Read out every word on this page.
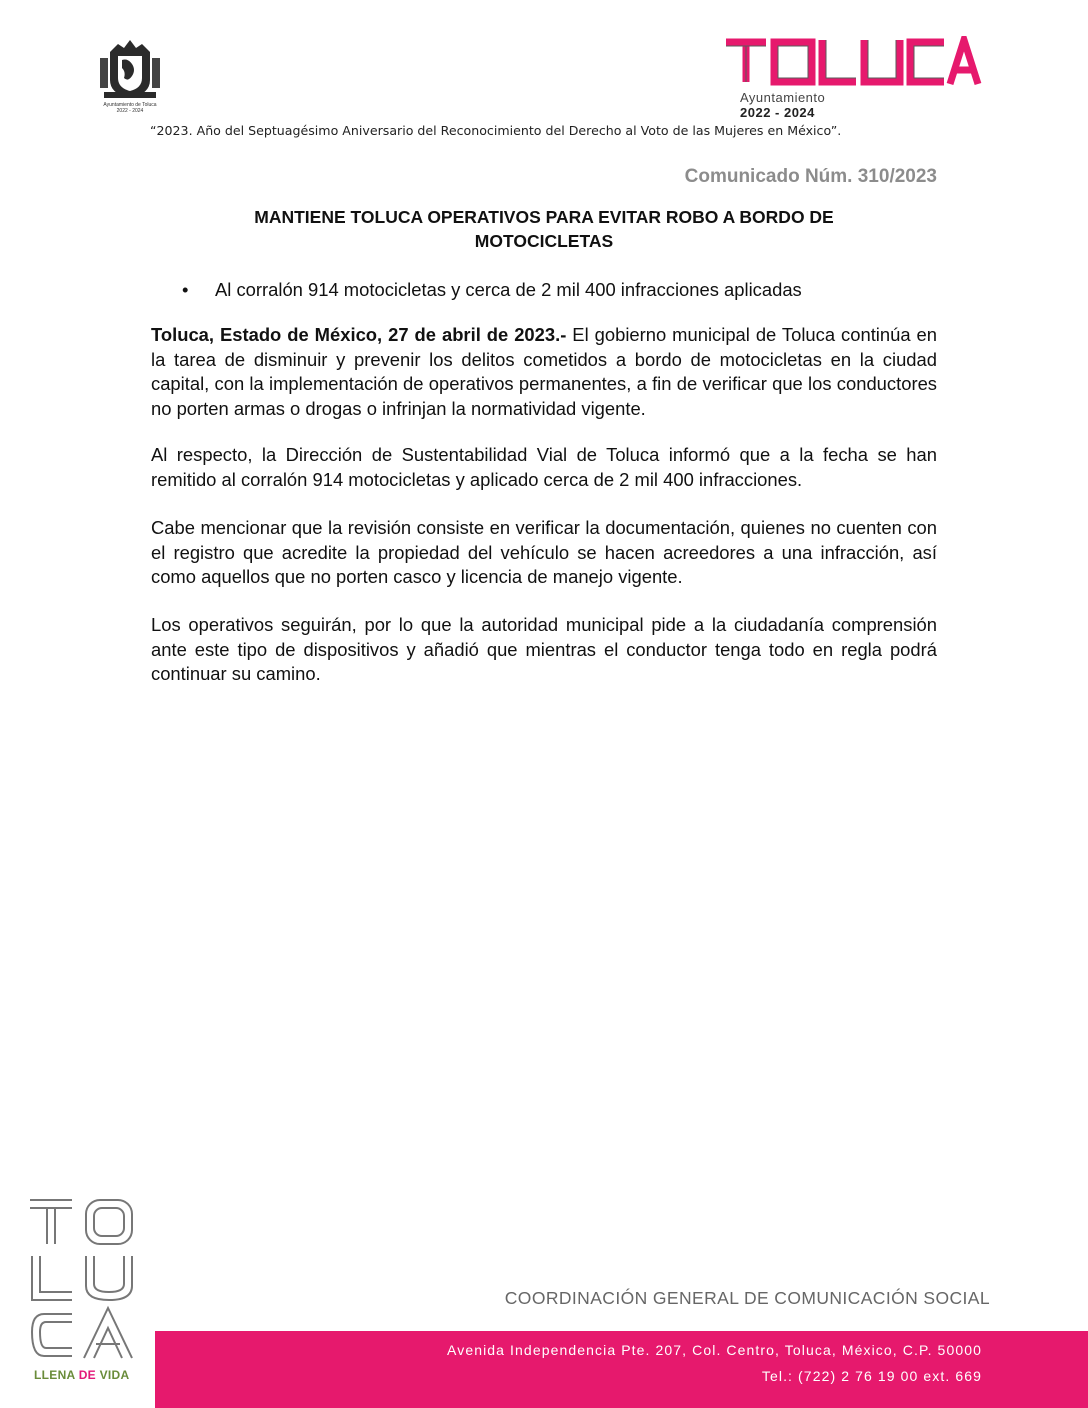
Ayuntamiento de Toluca
2022 - 2024
Ayuntamiento
2022 - 2024
“2023. Año del Septuagésimo Aniversario del Reconocimiento del Derecho al Voto de las Mujeres en México”.
Comunicado Núm. 310/2023
MANTIENE TOLUCA OPERATIVOS PARA EVITAR ROBO A BORDO DE
MOTOCICLETAS
• Al corralón 914 motocicletas y cerca de 2 mil 400 infracciones aplicadas
Toluca, Estado de México, 27 de abril de 2023.- El gobierno municipal de Toluca continúa en la tarea de disminuir y prevenir los delitos cometidos a bordo de motocicletas en la ciudad capital, con la implementación de operativos permanentes, a fin de verificar que los conductores no porten armas o drogas o infrinjan la normatividad vigente.
Al respecto, la Dirección de Sustentabilidad Vial de Toluca informó que a la fecha se han remitido al corralón 914 motocicletas y aplicado cerca de 2 mil 400 infracciones.
Cabe mencionar que la revisión consiste en verificar la documentación, quienes no cuenten con el registro que acredite la propiedad del vehículo se hacen acreedores a una infracción, así como aquellos que no porten casco y licencia de manejo vigente.
Los operativos seguirán, por lo que la autoridad municipal pide a la ciudadanía comprensión ante este tipo de dispositivos y añadió que mientras el conductor tenga todo en regla podrá continuar su camino.
LLENA DE VIDA
COORDINACIÓN GENERAL DE COMUNICACIÓN SOCIAL
Avenida Independencia Pte. 207, Col. Centro, Toluca, México, C.P. 50000
Tel.: (722) 2 76 19 00 ext. 669
